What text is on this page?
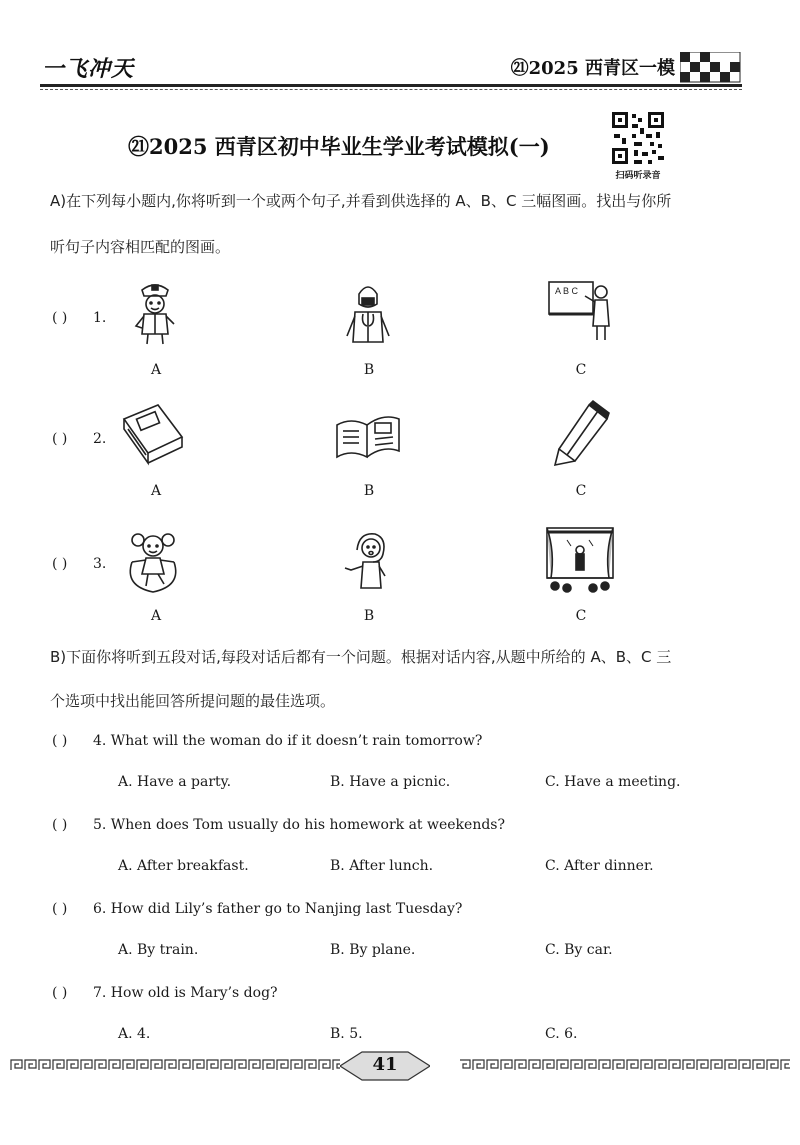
一飞冲天	㉑2025 西青区一模
㉑2025 西青区初中毕业生学业考试模拟(一)
扫码听录音
A)在下列每小题内,你将听到一个或两个句子,并看到供选择的 A、B、C 三幅图画。找出与你所
听句子内容相匹配的图画。
( ) 1.
A	B
A B C
C
( ) 2.
A	B	C
( ) 3.
A	B	C
B)下面你将听到五段对话,每段对话后都有一个问题。根据对话内容,从题中所给的 A、B、C 三
个选项中找出能回答所提问题的最佳选项。
( ) 4. What will the woman do if it doesn’t rain tomorrow?
A. Have a party.	B. Have a picnic.	C. Have a meeting.
( ) 5. When does Tom usually do his homework at weekends?
A. After breakfast.	B. After lunch.	C. After dinner.
( ) 6. How did Lily’s father go to Nanjing last Tuesday?
A. By train.	B. By plane.	C. By car.
( ) 7. How old is Mary’s dog?
A. 4.	B. 5.	C. 6.
41
